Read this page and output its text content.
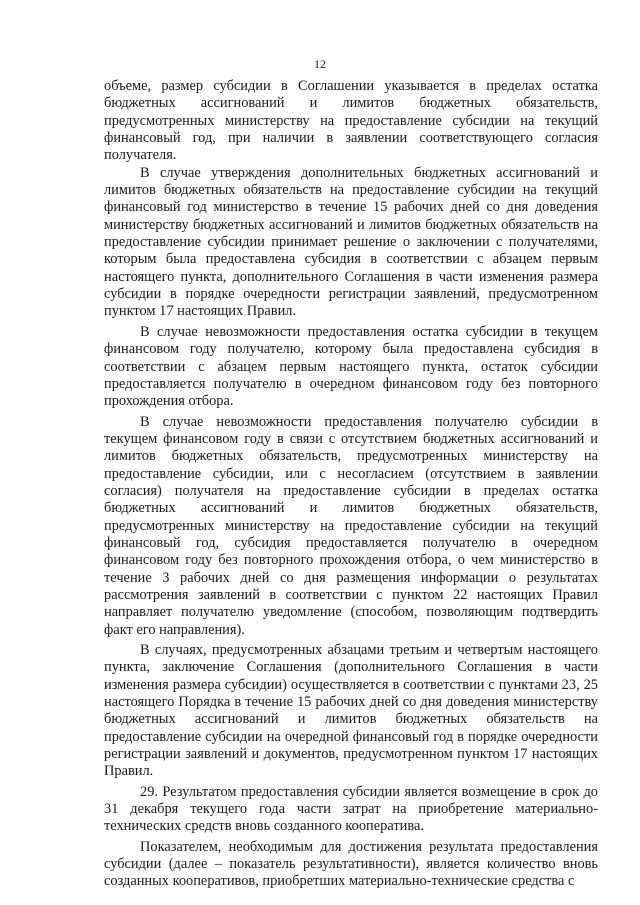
12

объеме, размер субсидии в Соглашении указывается в пределах остатка бюджетных ассигнований и лимитов бюджетных обязательств, предусмотренных министерству на предоставление субсидии на текущий финансовый год, при наличии в заявлении соответствующего согласия получателя.

В случае утверждения дополнительных бюджетных ассигнований и лимитов бюджетных обязательств на предоставление субсидии на текущий финансовый год министерство в течение 15 рабочих дней со дня доведения министерству бюджетных ассигнований и лимитов бюджетных обязательств на предоставление субсидии принимает решение о заключении с получателями, которым была предоставлена субсидия в соответствии с абзацем первым настоящего пункта, дополнительного Соглашения в части изменения размера субсидии в порядке очередности регистрации заявлений, предусмотренном пунктом 17 настоящих Правил.

В случае невозможности предоставления остатка субсидии в текущем финансовом году получателю, которому была предоставлена субсидия в соответствии с абзацем первым настоящего пункта, остаток субсидии предоставляется получателю в очередном финансовом году без повторного прохождения отбора.

В случае невозможности предоставления получателю субсидии в текущем финансовом году в связи с отсутствием бюджетных ассигнований и лимитов бюджетных обязательств, предусмотренных министерству на предоставление субсидии, или с несогласием (отсутствием в заявлении согласия) получателя на предоставление субсидии в пределах остатка бюджетных ассигнований и лимитов бюджетных обязательств, предусмотренных министерству на предоставление субсидии на текущий финансовый год, субсидия предоставляется получателю в очередном финансовом году без повторного прохождения отбора, о чем министерство в течение 3 рабочих дней со дня размещения информации о результатах рассмотрения заявлений в соответствии с пунктом 22 настоящих Правил направляет получателю уведомление (способом, позволяющим подтвердить факт его направления).

В случаях, предусмотренных абзацами третьим и четвертым настоящего пункта, заключение Соглашения (дополнительного Соглашения в части изменения размера субсидии) осуществляется в соответствии с пунктами 23, 25 настоящего Порядка в течение 15 рабочих дней со дня доведения министерству бюджетных ассигнований и лимитов бюджетных обязательств на предоставление субсидии на очередной финансовый год в порядке очередности регистрации заявлений и документов, предусмотренном пунктом 17 настоящих Правил.

29. Результатом предоставления субсидии является возмещение в срок до 31 декабря текущего года части затрат на приобретение материально-технических средств вновь созданного кооператива.

Показателем, необходимым для достижения результата предоставления субсидии (далее – показатель результативности), является количество вновь созданных кооперативов, приобретших материально-технические средства с
